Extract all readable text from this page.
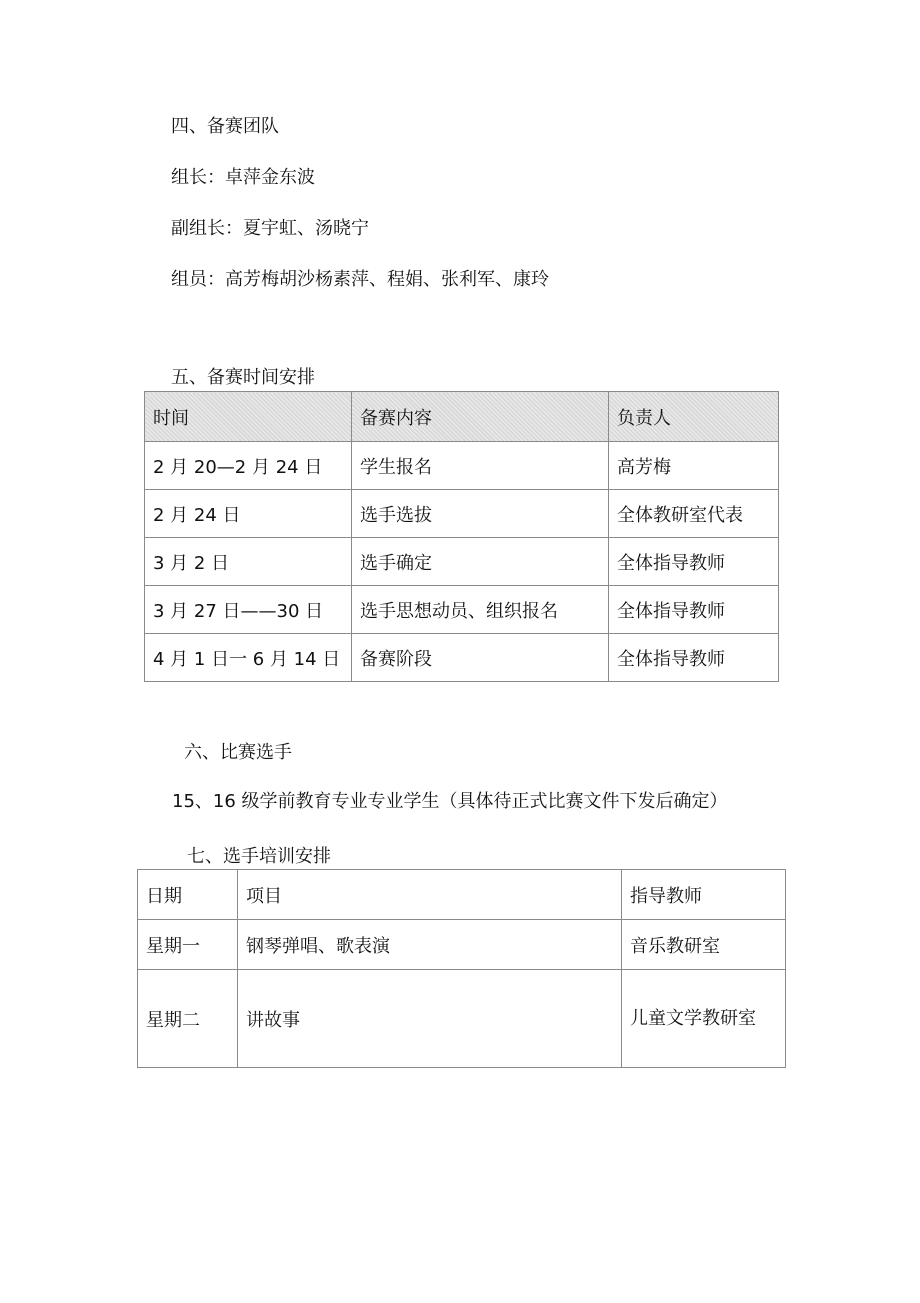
四、备赛团队
组长：卓萍金东波
副组长：夏宇虹、汤晓宁
组员：高芳梅胡沙杨素萍、程娟、张利军、康玲
五、备赛时间安排
时间	备赛内容	负责人
2 月 20—2 月 24 日	学生报名	高芳梅
2 月 24 日	选手选拔	全体教研室代表
3 月 2 日	选手确定	全体指导教师
3 月 27 日——30 日	选手思想动员、组织报名	全体指导教师
4 月 1 日一 6 月 14 日	备赛阶段	全体指导教师
六、比赛选手
15、16 级学前教育专业专业学生（具体待正式比赛文件下发后确定）
七、选手培训安排
日期	项目	指导教师
星期一	钢琴弹唱、歌表演	音乐教研室
星期二	讲故事	儿童文学教研室
